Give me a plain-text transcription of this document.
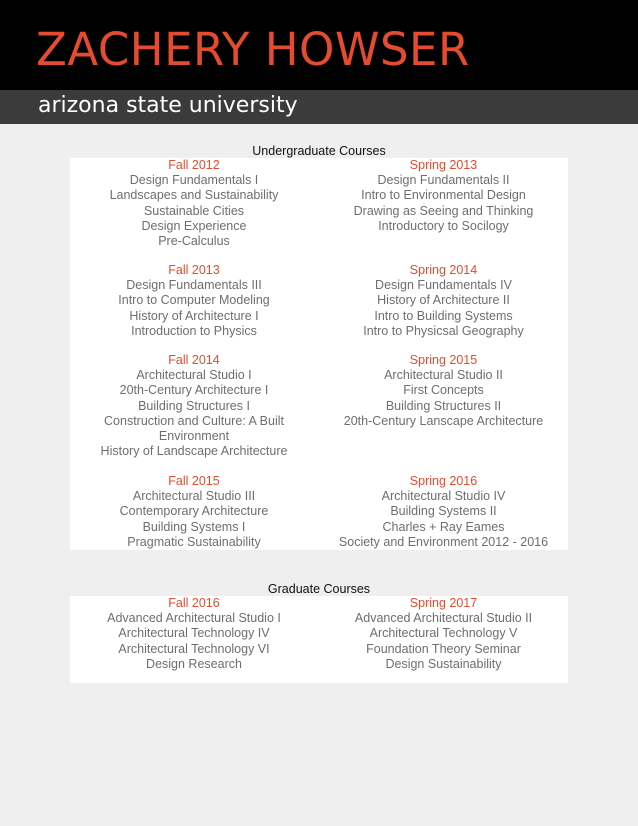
ZACHERY HOWSER
arizona state university
Undergraduate Courses
Graduate Courses
Fall 2012
Design Fundamentals I
Landscapes and Sustainability
Sustainable Cities
Design Experience
Pre-Calculus
Spring 2013
Design Fundamentals II
Intro to Environmental Design
Drawing as Seeing and Thinking
Introductory to Socilogy
Fall 2013
Design Fundamentals III
Intro to Computer Modeling
History of Architecture I
Introduction to Physics
Spring 2014
Design Fundamentals IV
History of Architecture II
Intro to Building Systems
Intro to Physicsal Geography
Fall 2014
Architectural Studio I
20th-Century Architecture I
Building Structures I
Construction and Culture: A Built Environment
History of Landscape Architecture
Spring 2015
Architectural Studio II
First Concepts
Building Structures II
20th-Century Lanscape Architecture
Fall 2015
Architectural Studio III
Contemporary Architecture
Building Systems I
Pragmatic Sustainability
Spring 2016
Architectural Studio IV
Building Systems II
Charles + Ray Eames
Society and Environment 2012 - 2016
Fall 2016
Advanced Architectural Studio I
Architectural Technology IV
Architectural Technology VI
Design Research
Spring 2017
Advanced Architectural Studio II
Architectural Technology V
Foundation Theory Seminar
Design Sustainability
